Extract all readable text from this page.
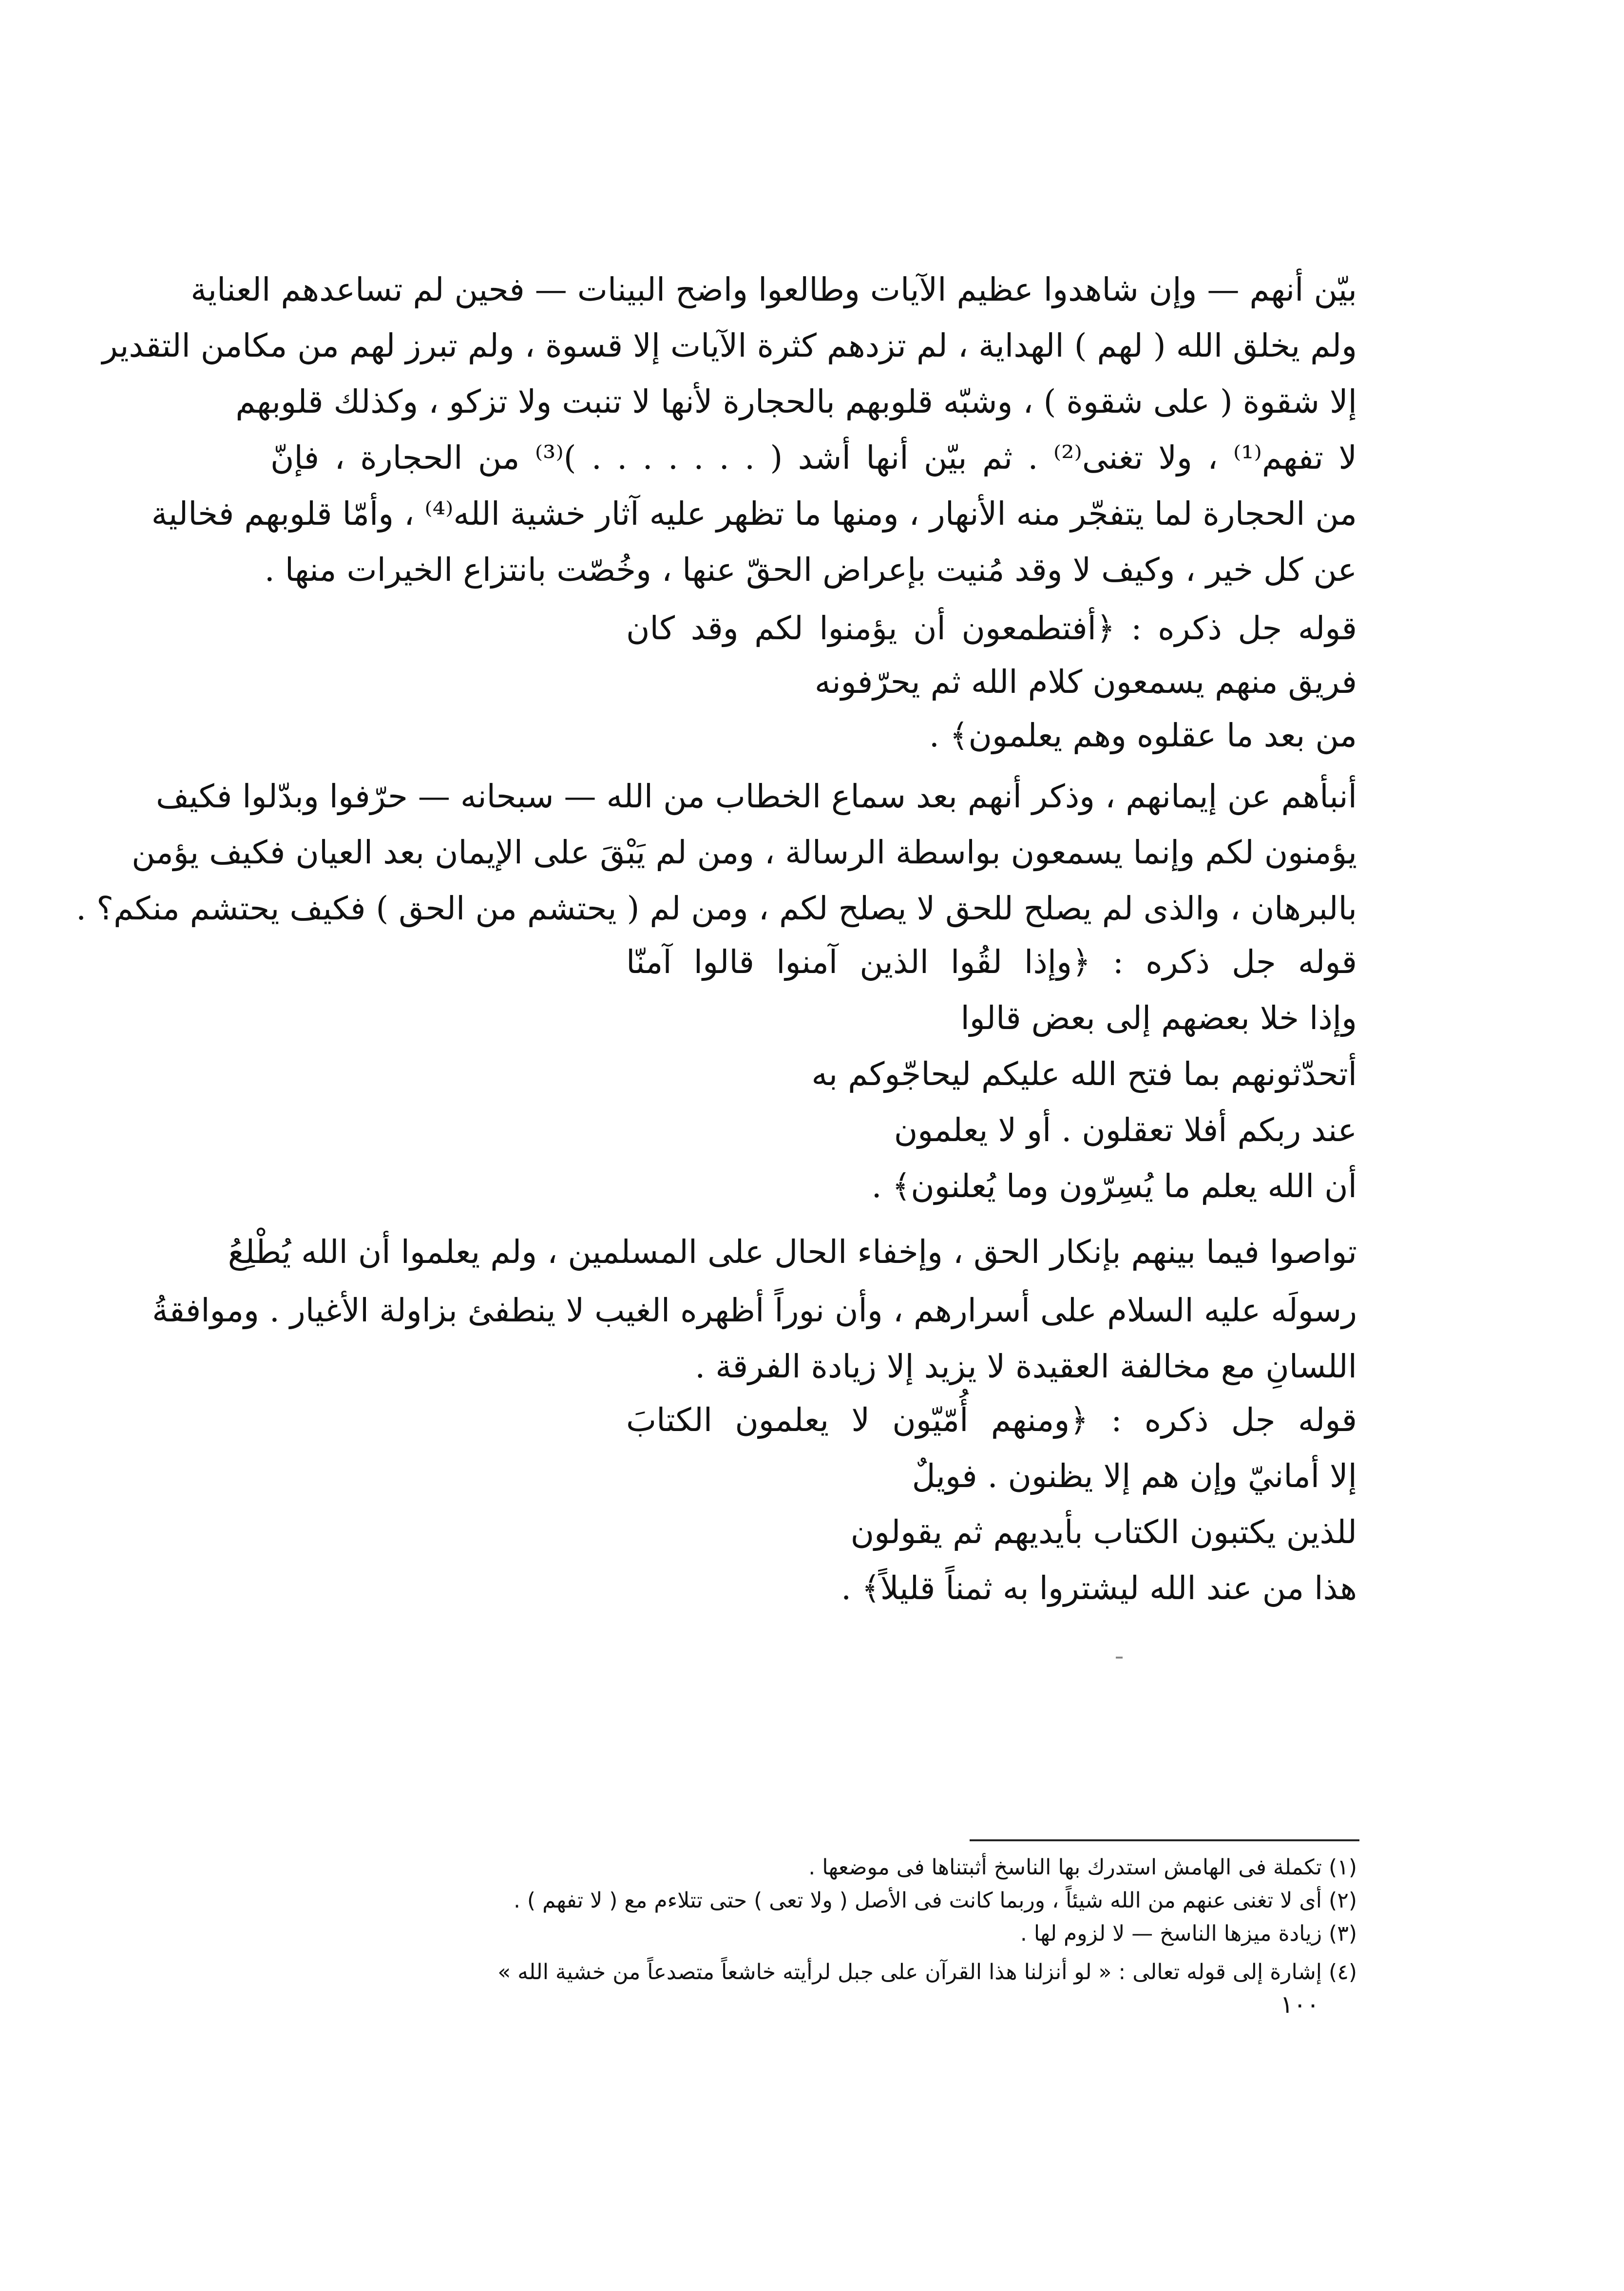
بيّن أنهم — وإن شاهدوا عظيم الآيات وطالعوا واضح البينات — فحين لم تساعدهم العناية
ولم يخلق الله ( لهم ) الهداية ، لم تزدهم كثرة الآيات إلا قسوة ، ولم تبرز لهم من مكامن التقدير
إلا شقوة ( على شقوة ) ، وشبّه قلوبهم بالحجارة لأنها لا تنبت ولا تزكو ، وكذلك قلوبهم
لا تفهم⁽¹⁾ ، ولا تغنى⁽²⁾ . ثم بيّن أنها أشد ( . . . . . . . )⁽³⁾ من الحجارة ، فإنّ
من الحجارة لما يتفجّر منه الأنهار ، ومنها ما تظهر عليه آثار خشية الله⁽⁴⁾ ، وأمّا قلوبهم فخالية
عن كل خير ، وكيف لا وقد مُنيت بإعراض الحقّ عنها ، وخُصّت بانتزاع الخيرات منها .
قوله جل ذكره : ﴿أفتطمعون أن يؤمنوا لكم وقد كان
فريق منهم يسمعون كلام الله ثم يحرّفونه
من بعد ما عقلوه وهم يعلمون﴾ .
أنبأهم عن إيمانهم ، وذكر أنهم بعد سماع الخطاب من الله — سبحانه — حرّفوا وبدّلوا فكيف
يؤمنون لكم وإنما يسمعون بواسطة الرسالة ، ومن لم يَبْقَ على الإيمان بعد العيان فكيف يؤمن
بالبرهان ، والذى لم يصلح للحق لا يصلح لكم ، ومن لم ( يحتشم من الحق ) فكيف يحتشم منكم؟ .
قوله جل ذكره : ﴿وإذا لقُوا الذين آمنوا قالوا آمنّا
وإذا خلا بعضهم إلى بعض قالوا
أتحدّثونهم بما فتح الله عليكم ليحاجّوكم به
عند ربكم أفلا تعقلون . أو لا يعلمون
أن الله يعلم ما يُسِرّون وما يُعلنون﴾ .
تواصوا فيما بينهم بإنكار الحق ، وإخفاء الحال على المسلمين ، ولم يعلموا أن الله يُطْلِعُ
رسولَه عليه السلام على أسرارهم ، وأن نوراً أظهره الغيب لا ينطفئ بزاولة الأغيار . وموافقةُ
اللسانِ مع مخالفة العقيدة لا يزيد إلا زيادة الفرقة .
قوله جل ذكره : ﴿ومنهم أُمّيّون لا يعلمون الكتابَ
إلا أمانيّ وإن هم إلا يظنون . فويلٌ
للذين يكتبون الكتاب بأيديهم ثم يقولون
هذا من عند الله ليشتروا به ثمناً قليلاً﴾ .
(١) تكملة فى الهامش استدرك بها الناسخ أثبتناها فى موضعها .
(٢) أى لا تغنى عنهم من الله شيئاً ، وربما كانت فى الأصل ( ولا تعى ) حتى تتلاءم مع ( لا تفهم ) .
(٣) زيادة ميزها الناسخ — لا لزوم لها .
(٤) إشارة إلى قوله تعالى : « لو أنزلنا هذا القرآن على جبل لرأيته خاشعاً متصدعاً من خشية الله »
١٠٠
